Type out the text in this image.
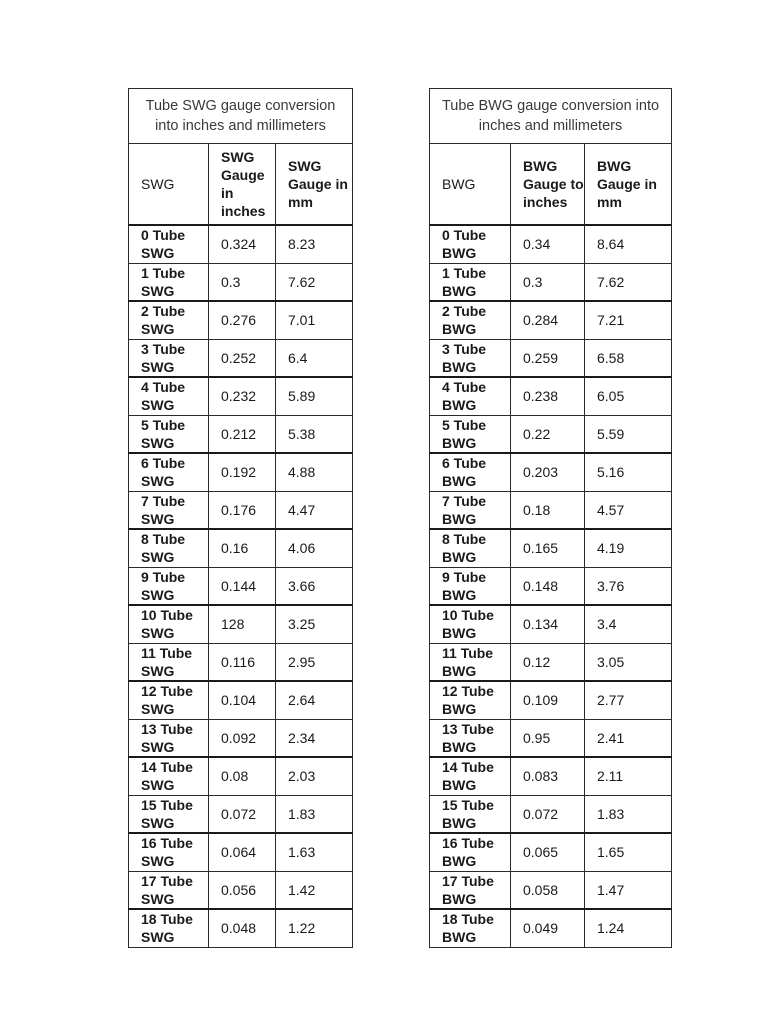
Tube SWG gauge conversion into inches and millimeters		
SWG	SWG Gauge in inches	SWG Gauge in mm
0 Tube SWG	0.324	8.23
1 Tube SWG	0.3	7.62
2 Tube SWG	0.276	7.01
3 Tube SWG	0.252	6.4
4 Tube SWG	0.232	5.89
5 Tube SWG	0.212	5.38
6 Tube SWG	0.192	4.88
7 Tube SWG	0.176	4.47
8 Tube SWG	0.16	4.06
9 Tube SWG	0.144	3.66
10 Tube SWG	128	3.25
11 Tube SWG	0.116	2.95
12 Tube SWG	0.104	2.64
13 Tube SWG	0.092	2.34
14 Tube SWG	0.08	2.03
15 Tube SWG	0.072	1.83
16 Tube SWG	0.064	1.63
17 Tube SWG	0.056	1.42
18 Tube SWG	0.048	1.22
Tube BWG gauge conversion into inches and millimeters		
BWG	BWG Gauge to inches	BWG Gauge in mm
0 Tube BWG	0.34	8.64
1 Tube BWG	0.3	7.62
2 Tube BWG	0.284	7.21
3 Tube BWG	0.259	6.58
4 Tube BWG	0.238	6.05
5 Tube BWG	0.22	5.59
6 Tube BWG	0.203	5.16
7 Tube BWG	0.18	4.57
8 Tube BWG	0.165	4.19
9 Tube BWG	0.148	3.76
10 Tube BWG	0.134	3.4
11 Tube BWG	0.12	3.05
12 Tube BWG	0.109	2.77
13 Tube BWG	0.95	2.41
14 Tube BWG	0.083	2.11
15 Tube BWG	0.072	1.83
16 Tube BWG	0.065	1.65
17 Tube BWG	0.058	1.47
18 Tube BWG	0.049	1.24
